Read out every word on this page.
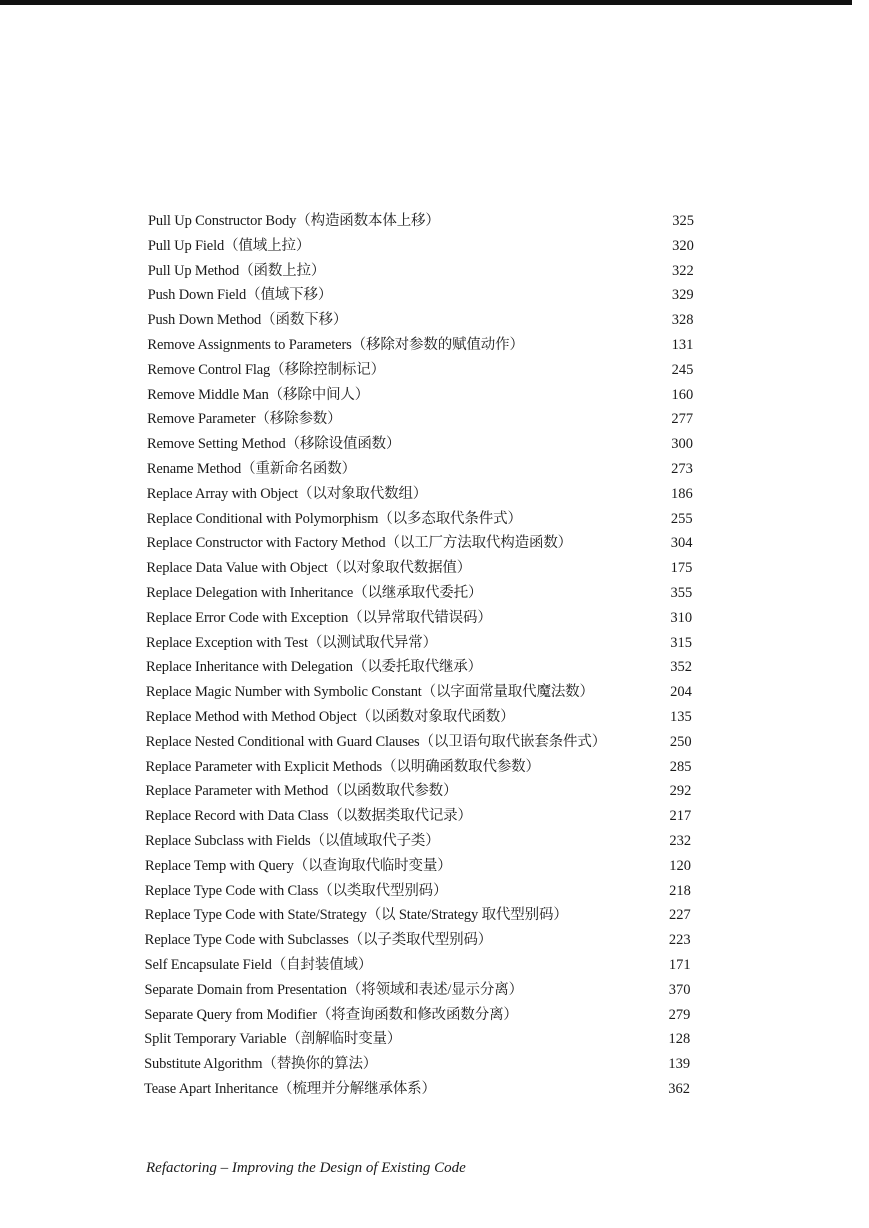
Pull Up Constructor Body（构造函数本体上移）	325
Pull Up Field（值域上拉）	320
Pull Up Method（函数上拉）	322
Push Down Field（值域下移）	329
Push Down Method（函数下移）	328
Remove Assignments to Parameters（移除对参数的赋值动作）	131
Remove Control Flag（移除控制标记）	245
Remove Middle Man（移除中间人）	160
Remove Parameter（移除参数）	277
Remove Setting Method（移除设值函数）	300
Rename Method（重新命名函数）	273
Replace Array with Object（以对象取代数组）	186
Replace Conditional with Polymorphism（以多态取代条件式）	255
Replace Constructor with Factory Method（以工厂方法取代构造函数）	304
Replace Data Value with Object（以对象取代数据值）	175
Replace Delegation with Inheritance（以继承取代委托）	355
Replace Error Code with Exception（以异常取代错误码）	310
Replace Exception with Test（以测试取代异常）	315
Replace Inheritance with Delegation（以委托取代继承）	352
Replace Magic Number with Symbolic Constant（以字面常量取代魔法数）	204
Replace Method with Method Object（以函数对象取代函数）	135
Replace Nested Conditional with Guard Clauses（以卫语句取代嵌套条件式）	250
Replace Parameter with Explicit Methods（以明确函数取代参数）	285
Replace Parameter with Method（以函数取代参数）	292
Replace Record with Data Class（以数据类取代记录）	217
Replace Subclass with Fields（以值域取代子类）	232
Replace Temp with Query（以查询取代临时变量）	120
Replace Type Code with Class（以类取代型别码）	218
Replace Type Code with State/Strategy（以 State/Strategy 取代型别码）	227
Replace Type Code with Subclasses（以子类取代型别码）	223
Self Encapsulate Field（自封装值域）	171
Separate Domain from Presentation（将领域和表述/显示分离）	370
Separate Query from Modifier（将查询函数和修改函数分离）	279
Split Temporary Variable（剖解临时变量）	128
Substitute Algorithm（替换你的算法）	139
Tease Apart Inheritance（梳理并分解继承体系）	362
Refactoring – Improving the Design of Existing Code
